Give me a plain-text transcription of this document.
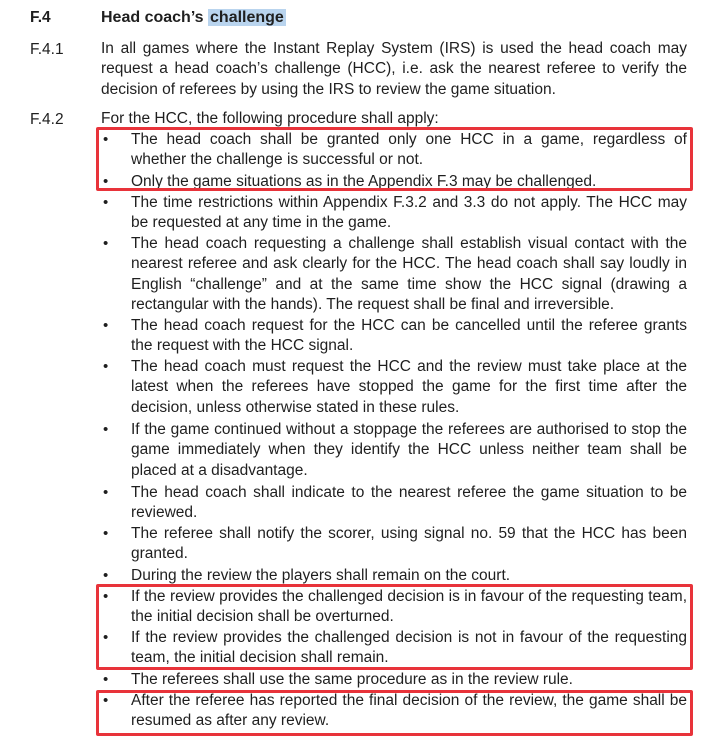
F.4	Head coach’s challenge
F.4.1 In all games where the Instant Replay System (IRS) is used the head coach may request a head coach’s challenge (HCC), i.e. ask the nearest referee to verify the decision of referees by using the IRS to review the game situation.
F.4.2 For the HCC, the following procedure shall apply:
• The head coach shall be granted only one HCC in a game, regardless of whether the challenge is successful or not.
• Only the game situations as in the Appendix F.3 may be challenged.
• The time restrictions within Appendix F.3.2 and 3.3 do not apply. The HCC may be requested at any time in the game.
• The head coach requesting a challenge shall establish visual contact with the nearest referee and ask clearly for the HCC. The head coach shall say loudly in English “challenge” and at the same time show the HCC signal (drawing a rectangular with the hands). The request shall be final and irreversible.
• The head coach request for the HCC can be cancelled until the referee grants the request with the HCC signal.
• The head coach must request the HCC and the review must take place at the latest when the referees have stopped the game for the first time after the decision, unless otherwise stated in these rules.
• If the game continued without a stoppage the referees are authorised to stop the game immediately when they identify the HCC unless neither team shall be placed at a disadvantage.
• The head coach shall indicate to the nearest referee the game situation to be reviewed.
• The referee shall notify the scorer, using signal no. 59 that the HCC has been granted.
• During the review the players shall remain on the court.
• If the review provides the challenged decision is in favour of the requesting team, the initial decision shall be overturned.
• If the review provides the challenged decision is not in favour of the requesting team, the initial decision shall remain.
• The referees shall use the same procedure as in the review rule.
• After the referee has reported the final decision of the review, the game shall be resumed as after any review.
